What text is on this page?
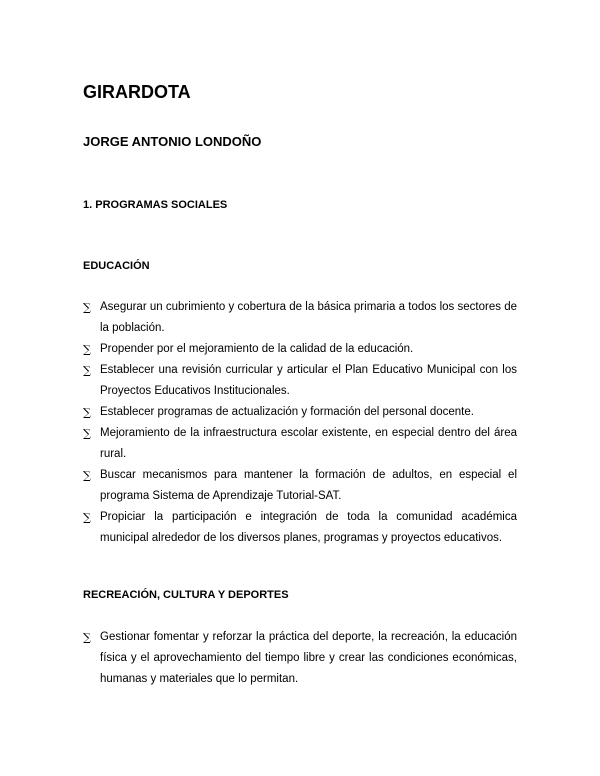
GIRARDOTA
JORGE ANTONIO LONDOÑO
1. PROGRAMAS SOCIALES
EDUCACIÓN
∑ Asegurar un cubrimiento y cobertura de la básica primaria a todos los sectores de la población.
∑ Propender por el mejoramiento de la calidad de la educación.
∑ Establecer una revisión curricular y articular el Plan Educativo Municipal con los Proyectos Educativos Institucionales.
∑ Establecer programas de actualización y formación del personal docente.
∑ Mejoramiento de la infraestructura escolar existente, en especial dentro del área rural.
∑ Buscar mecanismos para mantener la formación de adultos, en especial el programa Sistema de Aprendizaje Tutorial-SAT.
∑ Propiciar la participación e integración de toda la comunidad académica municipal alrededor de los diversos planes, programas y proyectos educativos.
RECREACIÓN, CULTURA Y DEPORTES
∑ Gestionar fomentar y reforzar la práctica del deporte, la recreación, la educación física y el aprovechamiento del tiempo libre y crear las condiciones económicas, humanas y materiales que lo permitan.
